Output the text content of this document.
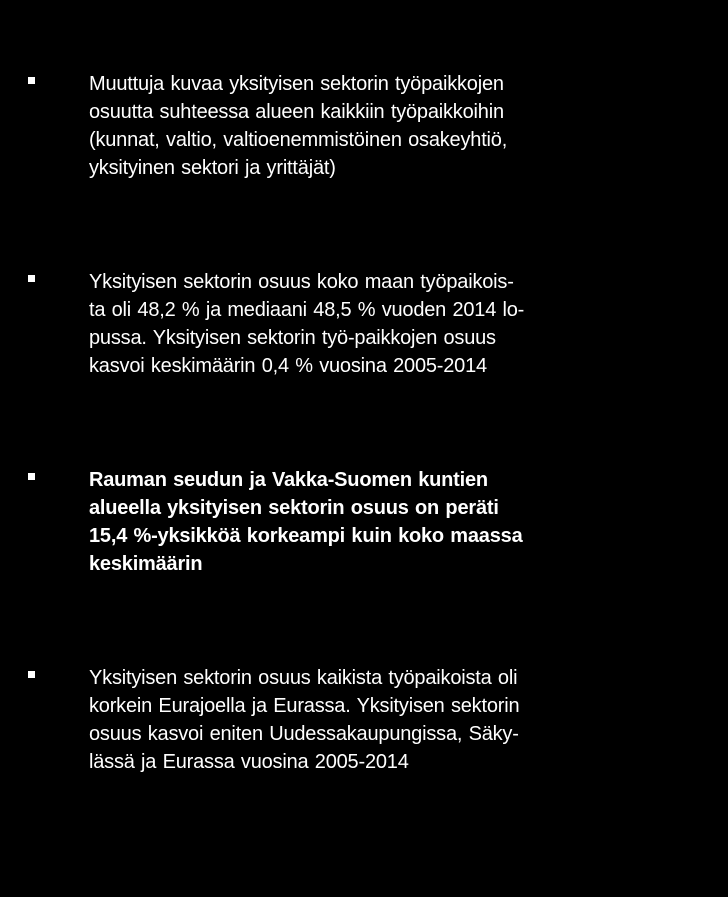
Muuttuja kuvaa yksityisen sektorin työpaikkojen
osuutta suhteessa alueen kaikkiin työpaikkoihin
(kunnat, valtio, valtioenemmistöinen osakeyhtiö,
yksityinen sektori ja yrittäjät)

Yksityisen sektorin osuus koko maan työpaikois-
ta oli 48,2 % ja mediaani 48,5 % vuoden 2014 lo-
pussa. Yksityisen sektorin työ-paikkojen osuus
kasvoi keskimäärin 0,4 % vuosina 2005-2014

Rauman seudun ja Vakka-Suomen kuntien
alueella yksityisen sektorin osuus on peräti
15,4 %-yksikköä korkeampi kuin koko maassa
keskimäärin

Yksityisen sektorin osuus kaikista työpaikoista oli
korkein Eurajoella ja Eurassa. Yksityisen sektorin
osuus kasvoi eniten Uudessakaupungissa, Säky-
lässä ja Eurassa vuosina 2005-2014
